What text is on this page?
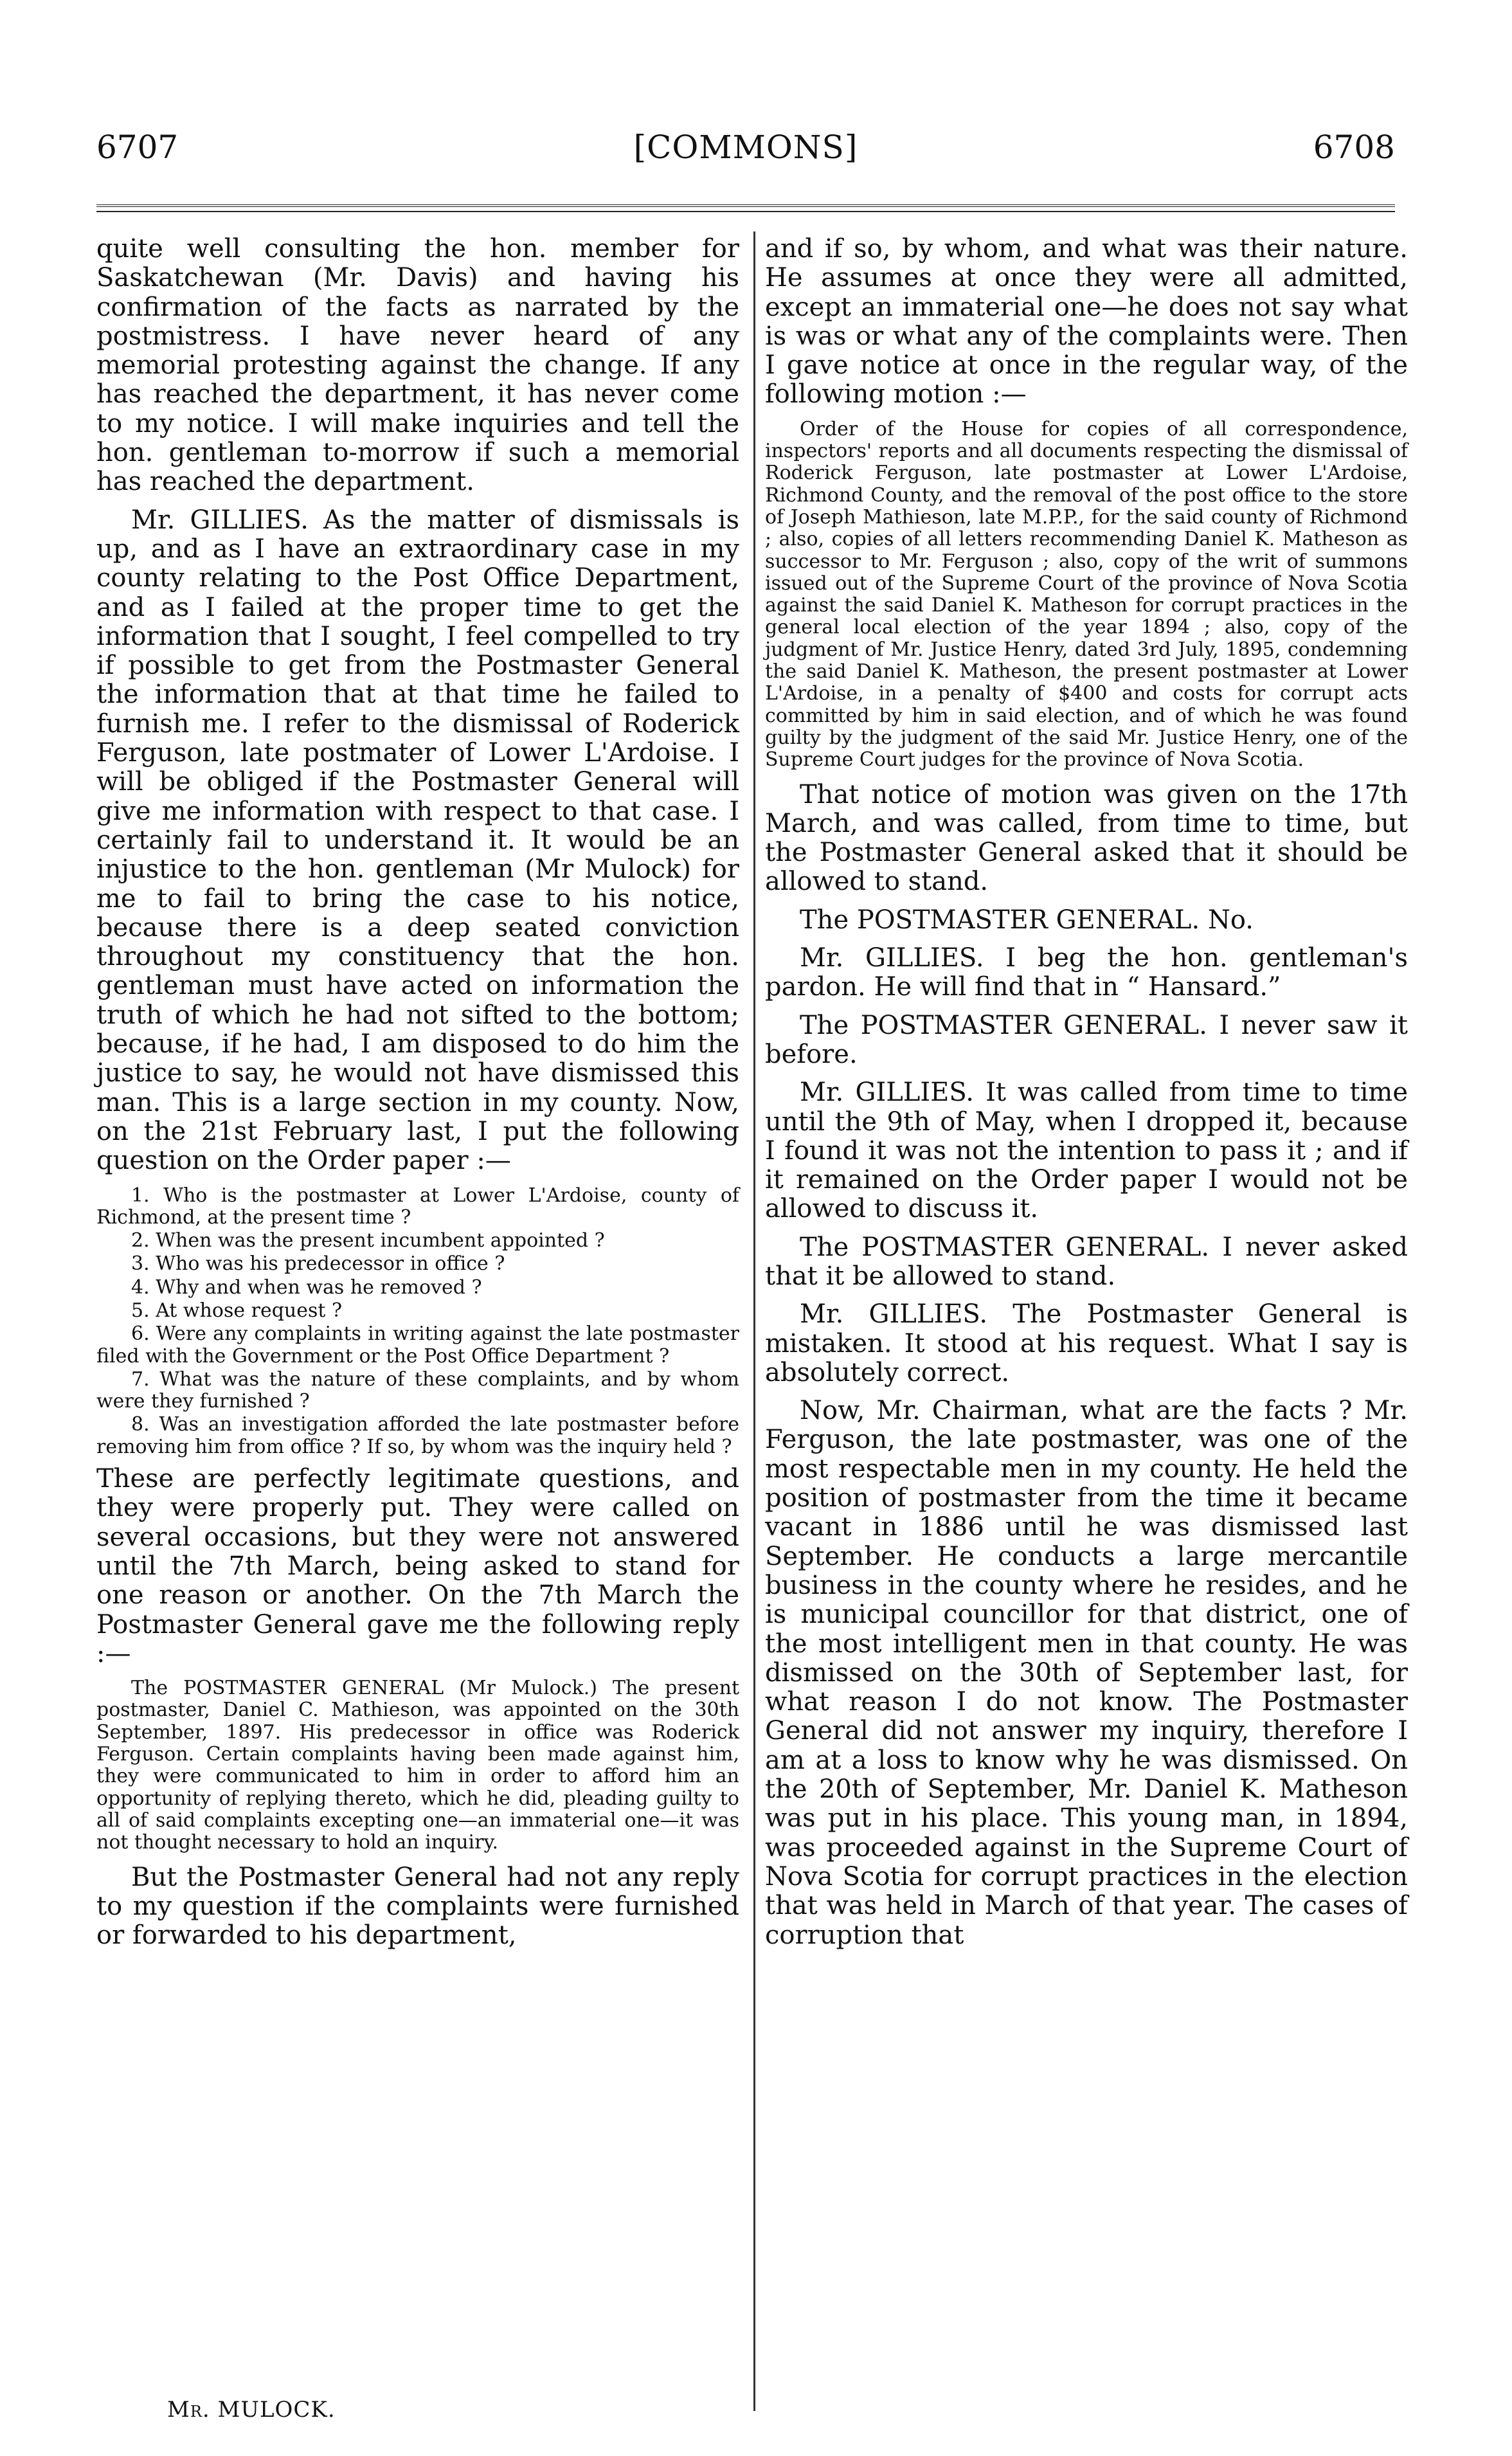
6707	[COMMONS]	6708

quite well consulting the hon. member for Saskatchewan (Mr. Davis) and having his confirmation of the facts as narrated by the postmistress. I have never heard of any memorial protesting against the change. If any has reached the department, it has never come to my notice. I will make inquiries and tell the hon. gentleman to-morrow if such a memorial has reached the department.

Mr. GILLIES. As the matter of dismissals is up, and as I have an extraordinary case in my county relating to the Post Office Department, and as I failed at the proper time to get the information that I sought, I feel compelled to try if possible to get from the Postmaster General the information that at that time he failed to furnish me. I refer to the dismissal of Roderick Ferguson, late postmater of Lower L'Ardoise. I will be obliged if the Postmaster General will give me information with respect to that case. I certainly fail to understand it. It would be an injustice to the hon. gentleman (Mr Mulock) for me to fail to bring the case to his notice, because there is a deep seated conviction throughout my constituency that the hon. gentleman must have acted on information the truth of which he had not sifted to the bottom; because, if he had, I am disposed to do him the justice to say, he would not have dismissed this man. This is a large section in my county. Now, on the 21st February last, I put the following question on the Order paper :—

1. Who is the postmaster at Lower L'Ardoise, county of Richmond, at the present time ?

2. When was the present incumbent appointed ?

3. Who was his predecessor in office ?

4. Why and when was he removed ?

5. At whose request ?

6. Were any complaints in writing against the late postmaster filed with the Government or the Post Office Department ?

7. What was the nature of these complaints, and by whom were they furnished ?

8. Was an investigation afforded the late postmaster before removing him from office ? If so, by whom was the inquiry held ?

These are perfectly legitimate questions, and they were properly put. They were called on several occasions, but they were not answered until the 7th March, being asked to stand for one reason or another. On the 7th March the Postmaster General gave me the following reply :—

The POSTMASTER GENERAL (Mr Mulock.) The present postmaster, Daniel C. Mathieson, was appointed on the 30th September, 1897. His predecessor in office was Roderick Ferguson. Certain complaints having been made against him, they were communicated to him in order to afford him an opportunity of replying thereto, which he did, pleading guilty to all of said complaints excepting one—an immaterial one—it was not thought necessary to hold an inquiry.

But the Postmaster General had not any reply to my question if the complaints were furnished or forwarded to his department,

Mr. MULOCK.

and if so, by whom, and what was their nature. He assumes at once they were all admitted, except an immaterial one—he does not say what is was or what any of the complaints were. Then I gave notice at once in the regular way, of the following motion :—

Order of the House for copies of all correspondence, inspectors' reports and all documents respecting the dismissal of Roderick Ferguson, late postmaster at Lower L'Ardoise, Richmond County, and the removal of the post office to the store of Joseph Mathieson, late M.P.P., for the said county of Richmond ; also, copies of all letters recommending Daniel K. Matheson as successor to Mr. Ferguson ; also, copy of the writ of summons issued out of the Supreme Court of the province of Nova Scotia against the said Daniel K. Matheson for corrupt practices in the general local election of the year 1894 ; also, copy of the judgment of Mr. Justice Henry, dated 3rd July, 1895, condemning the said Daniel K. Matheson, the present postmaster at Lower L'Ardoise, in a penalty of $400 and costs for corrupt acts committed by him in said election, and of which he was found guilty by the judgment of the said Mr. Justice Henry, one of the Supreme Court judges for the province of Nova Scotia.

That notice of motion was given on the 17th March, and was called, from time to time, but the Postmaster General asked that it should be allowed to stand.

The POSTMASTER GENERAL. No.

Mr. GILLIES. I beg the hon. gentleman's pardon. He will find that in “ Hansard.”

The POSTMASTER GENERAL. I never saw it before.

Mr. GILLIES. It was called from time to time until the 9th of May, when I dropped it, because I found it was not the intention to pass it ; and if it remained on the Order paper I would not be allowed to discuss it.

The POSTMASTER GENERAL. I never asked that it be allowed to stand.

Mr. GILLIES. The Postmaster General is mistaken. It stood at his request. What I say is absolutely correct.

Now, Mr. Chairman, what are the facts ? Mr. Ferguson, the late postmaster, was one of the most respectable men in my county. He held the position of postmaster from the time it became vacant in 1886 until he was dismissed last September. He conducts a large mercantile business in the county where he resides, and he is municipal councillor for that district, one of the most intelligent men in that county. He was dismissed on the 30th of September last, for what reason I do not know. The Postmaster General did not answer my inquiry, therefore I am at a loss to know why he was dismissed. On the 20th of September, Mr. Daniel K. Matheson was put in his place. This young man, in 1894, was proceeded against in the Supreme Court of Nova Scotia for corrupt practices in the election that was held in March of that year. The cases of corruption that
